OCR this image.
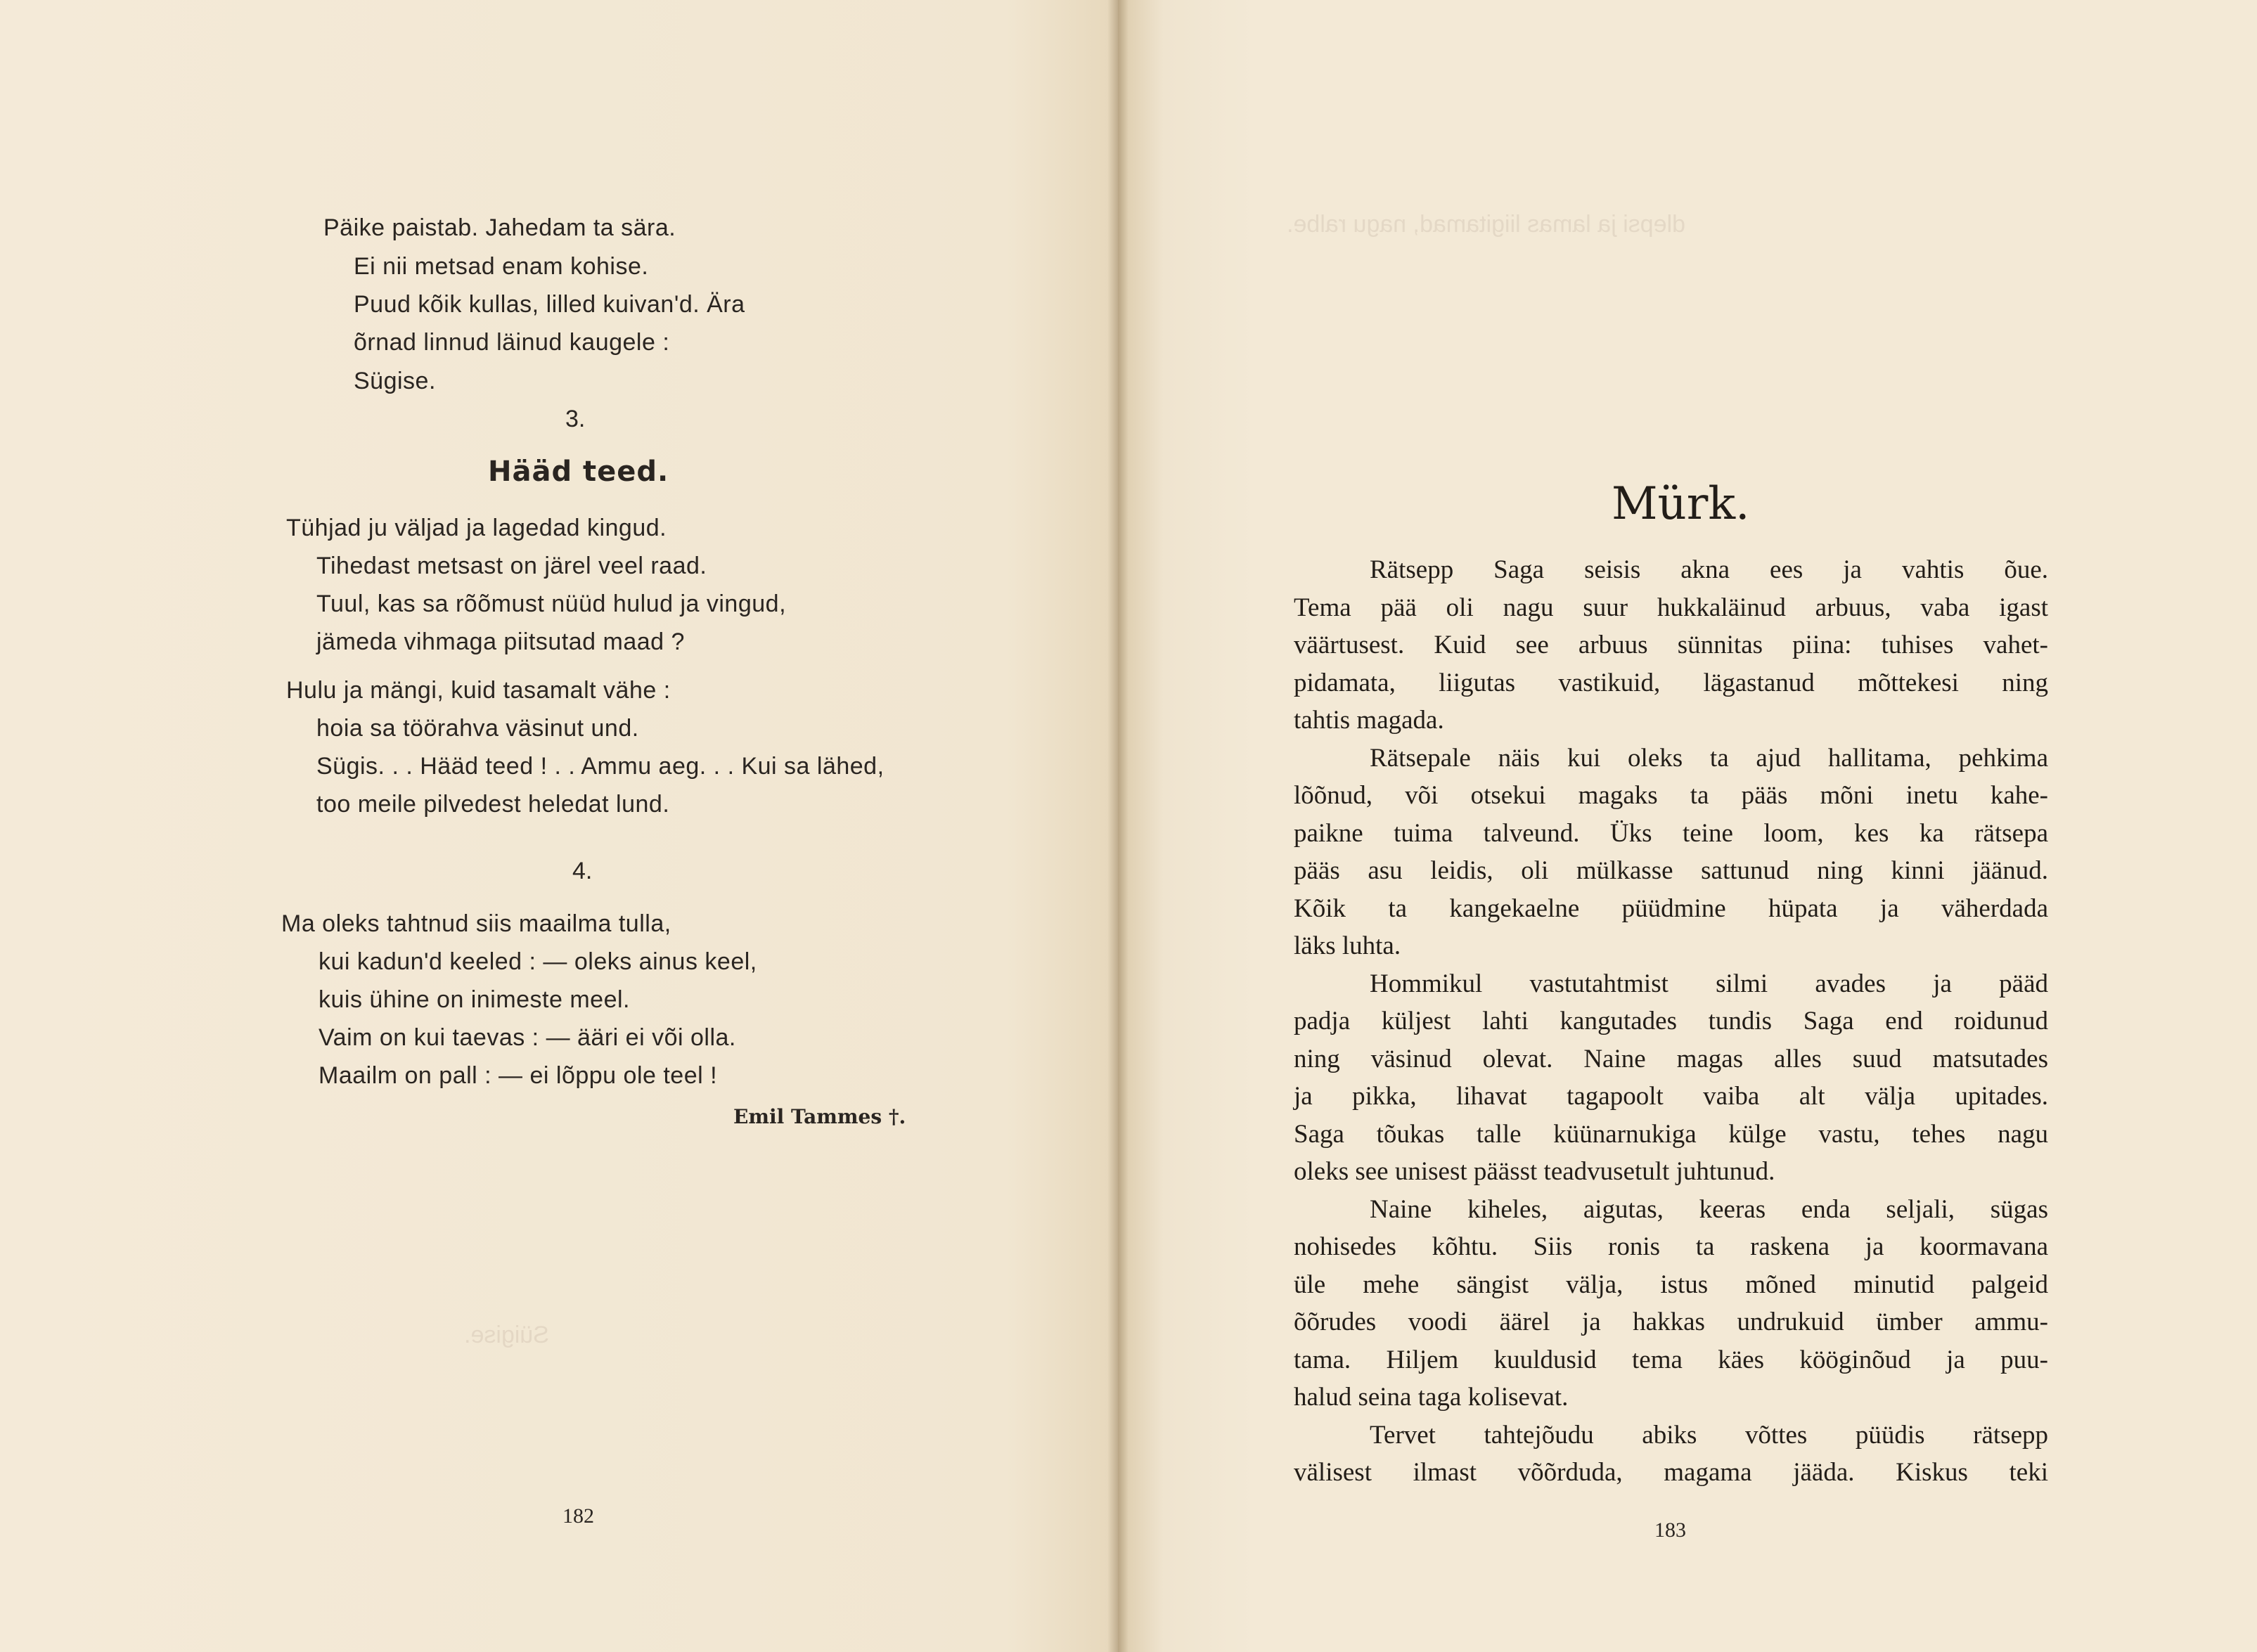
Süigise.
dlepsi ja lamas liigitamad, nagu ralbe.
Päike paistab. Jahedam ta sära.
Ei nii metsad enam kohise.
Puud kõik kullas, lilled kuivan'd. Ära
õrnad linnud läinud kaugele :
Sügise.
3.
Hääd teed.
Tühjad ju väljad ja lagedad kingud.
Tihedast metsast on järel veel raad.
Tuul, kas sa rõõmust nüüd hulud ja vingud,
jämeda vihmaga piitsutad maad ?
Hulu ja mängi, kuid tasamalt vähe :
hoia sa töörahva väsinut und.
Sügis. . . Hääd teed ! . . Ammu aeg. . . Kui sa lähed,
too meile pilvedest heledat lund.
4.
Ma oleks tahtnud siis maailma tulla,
kui kadun'd keeled : — oleks ainus keel,
kuis ühine on inimeste meel.
Vaim on kui taevas : — ääri ei või olla.
Maailm on pall : — ei lõppu ole teel !
Emil Tammes †.
182
Mürk.
Rätsepp Saga seisis akna ees ja vahtis õue.
Tema pää oli nagu suur hukkaläinud arbuus, vaba igast
väärtusest. Kuid see arbuus sünnitas piina: tuhises vahet-
pidamata, liigutas vastikuid, lägastanud mõttekesi ning
tahtis magada.
Rätsepale näis kui oleks ta ajud hallitama, pehkima
lõõnud, või otsekui magaks ta pääs mõni inetu kahe-
paikne tuima talveund. Üks teine loom, kes ka rätsepa
pääs asu leidis, oli mülkasse sattunud ning kinni jäänud.
Kõik ta kangekaelne püüdmine hüpata ja väherdada
läks luhta.
Hommikul vastutahtmist silmi avades ja pääd
padja küljest lahti kangutades tundis Saga end roidunud
ning väsinud olevat. Naine magas alles suud matsutades
ja pikka, lihavat tagapoolt vaiba alt välja upitades.
Saga tõukas talle küünarnukiga külge vastu, tehes nagu
oleks see unisest päässt teadvusetult juhtunud.
Naine kiheles, aigutas, keeras enda seljali, sügas
nohisedes kõhtu. Siis ronis ta raskena ja koormavana
üle mehe sängist välja, istus mõned minutid palgeid
õõrudes voodi äärel ja hakkas undrukuid ümber ammu-
tama. Hiljem kuuldusid tema käes kööginõud ja puu-
halud seina taga kolisevat.
Tervet tahtejõudu abiks võttes püüdis rätsepp
välisest ilmast võõrduda, magama jääda. Kiskus teki
183
